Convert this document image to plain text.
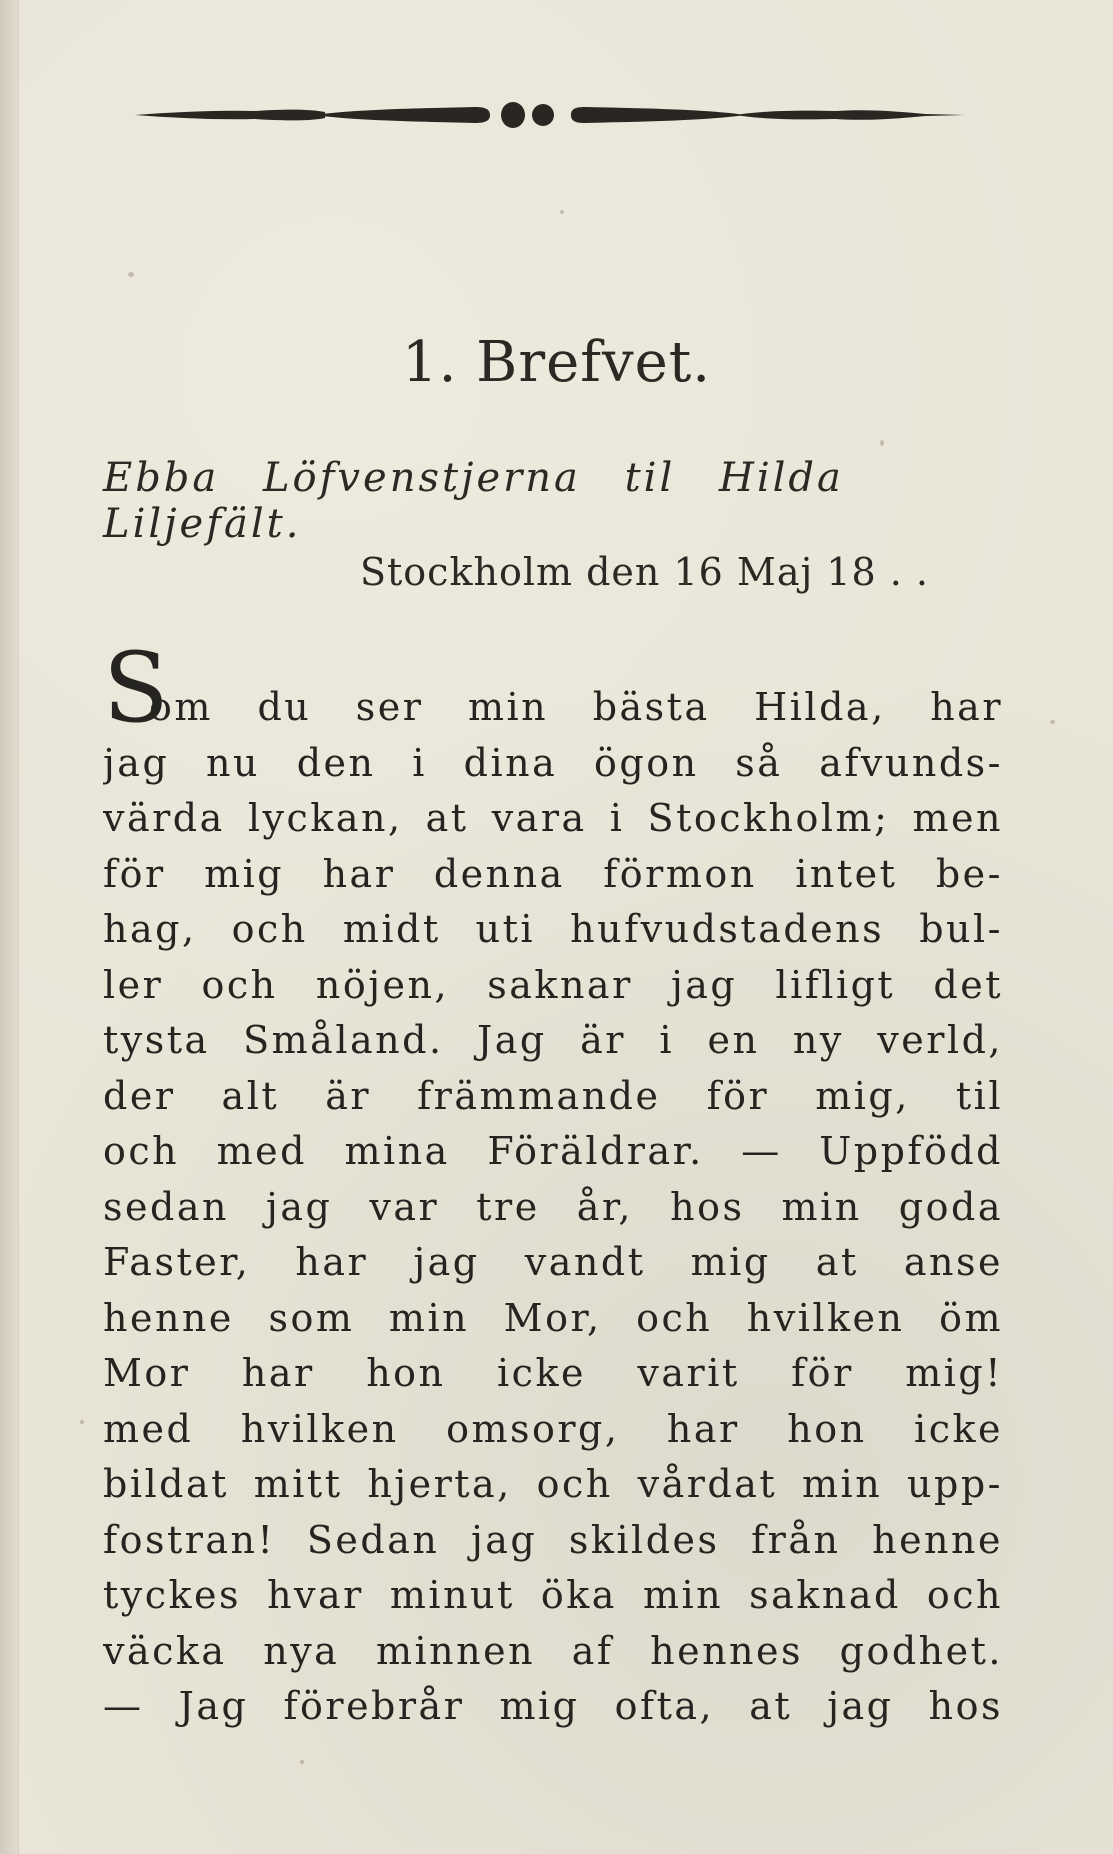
1. Brefvet.
Ebba Löfvenstjerna til Hilda Liljefält.
Stockholm den 16 Maj 18 . .
S
om du ser min bästa Hilda, har
jag nu den i dina ögon så afvunds-
värda lyckan, at vara i Stockholm; men
för mig har denna förmon intet be-
hag, och midt uti hufvudstadens bul-
ler och nöjen, saknar jag lifligt det
tysta Småland. Jag är i en ny verld,
der alt är främmande för mig, til
och med mina Föräldrar. — Uppfödd
sedan jag var tre år, hos min goda
Faster, har jag vandt mig at anse
henne som min Mor, och hvilken öm
Mor har hon icke varit för mig!
med hvilken omsorg, har hon icke
bildat mitt hjerta, och vårdat min upp-
fostran! Sedan jag skildes från henne
tyckes hvar minut öka min saknad och
väcka nya minnen af hennes godhet.
— Jag förebrår mig ofta, at jag hos
